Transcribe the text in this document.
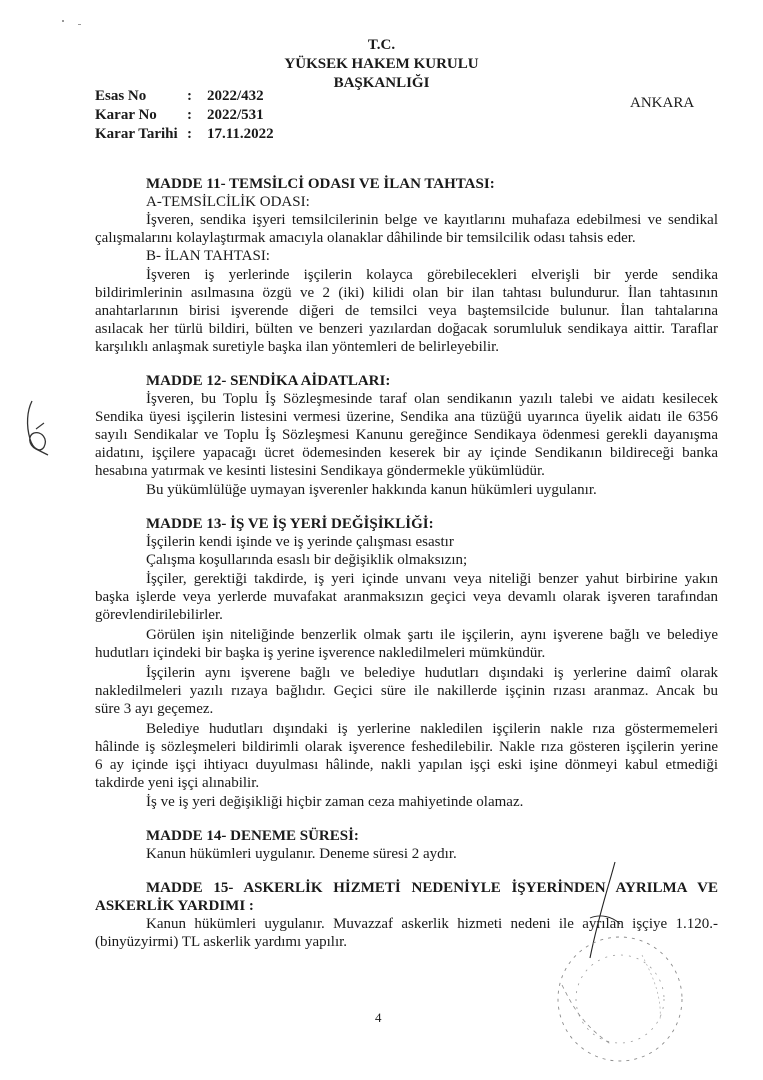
T.C.
YÜKSEK HAKEM KURULU
BAŞKANLIĞI
ANKARA
Esas No	: 2022/432
Karar No : 2022/531
Karar Tarihi : 17.11.2022
MADDE 11- TEMSİLCİ ODASI VE İLAN TAHTASI:
A-TEMSİLCİLİK ODASI:
İşveren, sendika işyeri temsilcilerinin belge ve kayıtlarını muhafaza edebilmesi ve sendikal
çalışmalarını kolaylaştırmak amacıyla olanaklar dâhilinde bir temsilcilik odası tahsis eder.
B- İLAN TAHTASI:
İşveren iş yerlerinde işçilerin kolayca görebilecekleri elverişli bir yerde sendika
bildirimlerinin asılmasına özgü ve 2 (iki) kilidi olan bir ilan tahtası bulundurur. İlan tahtasının
anahtarlarının birisi işverende diğeri de temsilci veya baştemsilcide bulunur. İlan tahtalarına
asılacak her türlü bildiri, bülten ve benzeri yazılardan doğacak sorumluluk sendikaya aittir. Taraflar
karşılıklı anlaşmak suretiyle başka ilan yöntemleri de belirleyebilir.
MADDE 12- SENDİKA AİDATLARI:
İşveren, bu Toplu İş Sözleşmesinde taraf olan sendikanın yazılı talebi ve aidatı kesilecek
Sendika üyesi işçilerin listesini vermesi üzerine, Sendika ana tüzüğü uyarınca üyelik aidatı ile 6356
sayılı Sendikalar ve Toplu İş Sözleşmesi Kanunu gereğince Sendikaya ödenmesi gerekli dayanışma
aidatını, işçilere yapacağı ücret ödemesinden keserek bir ay içinde Sendikanın bildireceği banka
hesabına yatırmak ve kesinti listesini Sendikaya göndermekle yükümlüdür.
Bu yükümlülüğe uymayan işverenler hakkında kanun hükümleri uygulanır.
MADDE 13- İŞ VE İŞ YERİ DEĞİŞİKLİĞİ:
İşçilerin kendi işinde ve iş yerinde çalışması esastır
Çalışma koşullarında esaslı bir değişiklik olmaksızın;
İşçiler, gerektiği takdirde, iş yeri içinde unvanı veya niteliği benzer yahut birbirine yakın
başka işlerde veya yerlerde muvafakat aranmaksızın geçici veya devamlı olarak işveren tarafından
görevlendirilebilirler.
Görülen işin niteliğinde benzerlik olmak şartı ile işçilerin, aynı işverene bağlı ve belediye
hudutları içindeki bir başka iş yerine işverence nakledilmeleri mümkündür.
İşçilerin aynı işverene bağlı ve belediye hudutları dışındaki iş yerlerine daimî olarak
nakledilmeleri yazılı rızaya bağlıdır. Geçici süre ile nakillerde işçinin rızası aranmaz. Ancak bu
süre 3 ayı geçemez.
Belediye hudutları dışındaki iş yerlerine nakledilen işçilerin nakle rıza göstermemeleri
hâlinde iş sözleşmeleri bildirimli olarak işverence feshedilebilir. Nakle rıza gösteren işçilerin yerine
6 ay içinde işçi ihtiyacı duyulması hâlinde, nakli yapılan işçi eski işine dönmeyi kabul etmediği
takdirde yeni işçi alınabilir.
İş ve iş yeri değişikliği hiçbir zaman ceza mahiyetinde olamaz.
MADDE 14- DENEME SÜRESİ:
Kanun hükümleri uygulanır. Deneme süresi 2 aydır.
MADDE 15- ASKERLİK HİZMETİ NEDENİYLE İŞYERİNDEN AYRILMA VE
ASKERLİK YARDIMI :
Kanun hükümleri uygulanır. Muvazzaf askerlik hizmeti nedeni ile ayrılan işçiye 1.120.-
(binyüzyirmi) TL askerlik yardımı yapılır.
4
